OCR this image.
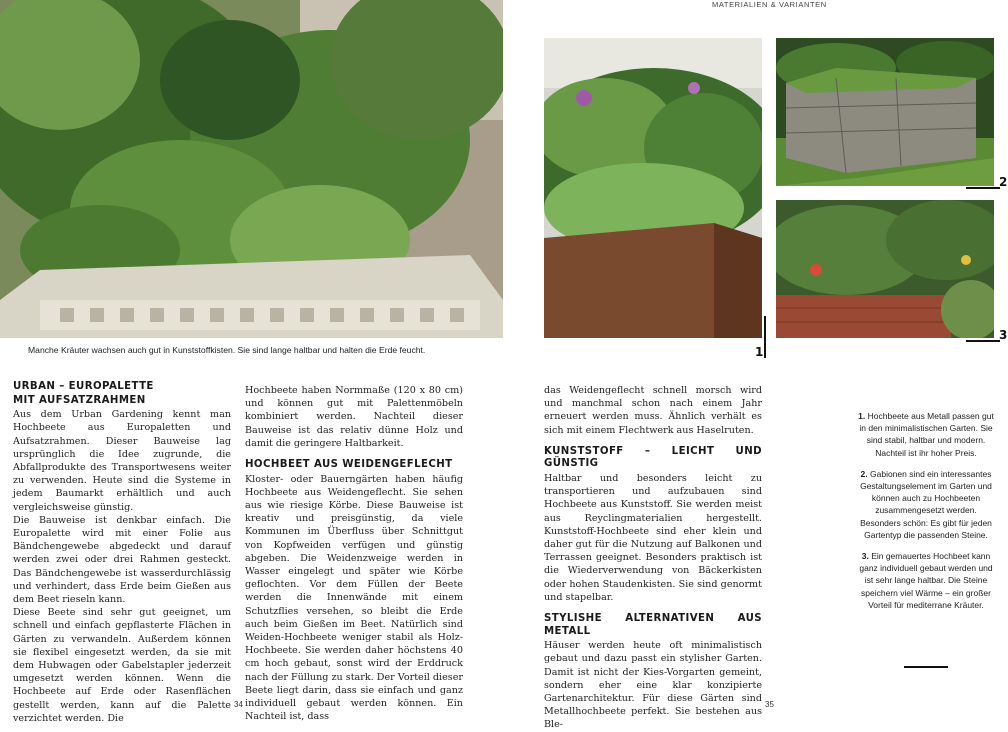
MATERIALIEN & VARIANTEN
Manche Kräuter wachsen auch gut in Kunststoffkisten. Sie sind lange haltbar und halten die Erde feucht.	1
2
3
URBAN – EUROPALETTE
MIT AUFSATZRAHMEN

Aus dem Urban Gardening kennt man Hochbeete aus Europaletten und Aufsatzrahmen. Dieser Bauweise lag ursprünglich die Idee zugrunde, die Abfallprodukte des Transportwesens weiter zu verwenden. Heute sind die Systeme in jedem Baumarkt erhältlich und auch vergleichsweise günstig.

Die Bauweise ist denkbar einfach. Die Europalette wird mit einer Folie aus Bändchengewebe abgedeckt und darauf werden zwei oder drei Rahmen gesteckt. Das Bändchengewebe ist wasserdurchlässig und verhindert, dass Erde beim Gießen aus dem Beet rieseln kann.

Diese Beete sind sehr gut geeignet, um schnell und einfach gepflasterte Flächen in Gärten zu verwandeln. Außerdem können sie flexibel eingesetzt werden, da sie mit dem Hubwagen oder Gabelstapler jederzeit umgesetzt werden können. Wenn die Hochbeete auf Erde oder Rasenflächen gestellt werden, kann auf die Palette verzichtet werden. Die

Hochbeete haben Normmaße (120 x 80 cm) und können gut mit Palettenmöbeln kombiniert werden. Nachteil dieser Bauweise ist das relativ dünne Holz und damit die geringere Haltbarkeit.

HOCHBEET AUS WEIDENGEFLECHT

Kloster- oder Bauerngärten haben häufig Hochbeete aus Weidengeflecht. Sie sehen aus wie riesige Körbe. Diese Bauweise ist kreativ und preisgünstig, da viele Kommunen im Überfluss über Schnittgut von Kopfweiden verfügen und günstig abgeben. Die Weidenzweige werden in Wasser eingelegt und später wie Körbe geflochten. Vor dem Füllen der Beete werden die Innenwände mit einem Schutzflies versehen, so bleibt die Erde auch beim Gießen im Beet. Natürlich sind Weiden-Hochbeete weniger stabil als Holz-Hochbeete. Sie werden daher höchstens 40 cm hoch gebaut, sonst wird der Erddruck nach der Füllung zu stark. Der Vorteil dieser Beete liegt darin, dass sie einfach und ganz individuell gebaut werden können. Ein Nachteil ist, dass

das Weidengeflecht schnell morsch wird und manchmal schon nach einem Jahr erneuert werden muss. Ähnlich verhält es sich mit einem Flechtwerk aus Haselruten.

KUNSTSTOFF – LEICHT UND GÜNSTIG

Haltbar und besonders leicht zu transportieren und aufzubauen sind Hochbeete aus Kunststoff. Sie werden meist aus Reyclingmaterialien hergestellt. Kunststoff-Hochbeete sind eher klein und daher gut für die Nutzung auf Balkonen und Terrassen geeignet. Besonders praktisch ist die Wiederverwendung von Bäckerkisten oder hohen Staudenkisten. Sie sind genormt und stapelbar.

STYLISHE ALTERNATIVEN AUS METALL

Häuser werden heute oft minimalistisch gebaut und dazu passt ein stylisher Garten. Damit ist nicht der Kies-Vorgarten gemeint, sondern eher eine klar konzipierte Gartenarchitektur. Für diese Gärten sind Metallhochbeete perfekt. Sie bestehen aus Ble-

1. Hochbeete aus Metall passen gut in den minimalistischen Garten. Sie sind stabil, haltbar und modern. Nachteil ist ihr hoher Preis.

2. Gabionen sind ein interessantes Gestaltungselement im Garten und können auch zu Hochbeeten zusammengesetzt werden. Besonders schön: Es gibt für jeden Gartentyp die passenden Steine.

3. Ein gemauertes Hochbeet kann ganz individuell gebaut werden und ist sehr lange haltbar. Die Steine speichern viel Wärme – ein großer Vorteil für mediterrane Kräuter.

34	35
